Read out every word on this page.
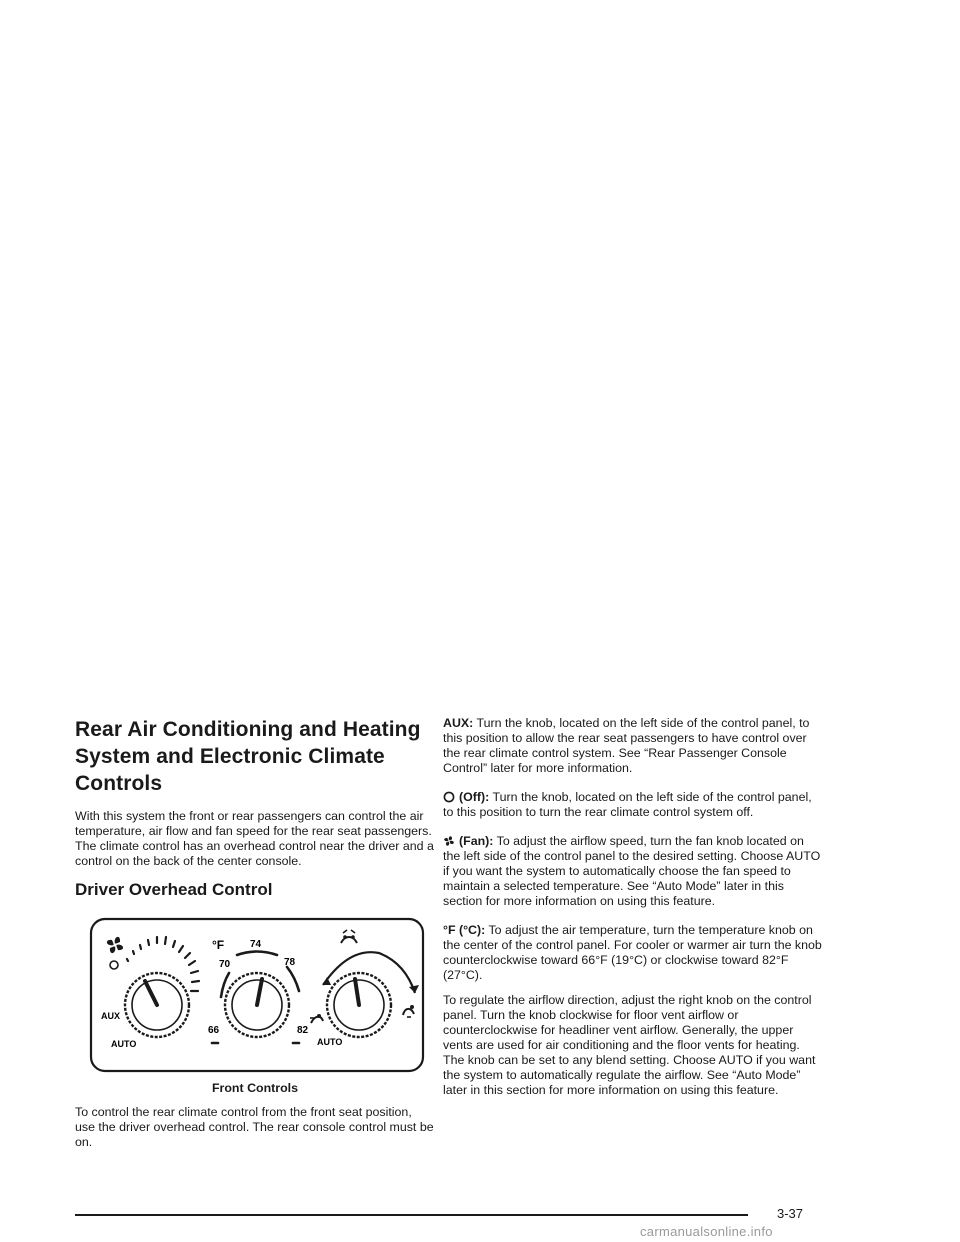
Rear Air Conditioning and Heating System and Electronic Climate Controls

With this system the front or rear passengers can control the air temperature, air flow and fan speed for the rear seat passengers. The climate control has an overhead control near the driver and a control on the back of the center console.

Driver Overhead Control
AUX
AUTO
°F
70
74
78
66	82
AUTO
Front Controls

To control the rear climate control from the front seat position, use the driver overhead control. The rear console control must be on.

AUX: Turn the knob, located on the left side of the control panel, to this position to allow the rear seat passengers to have control over the rear climate control system. See “Rear Passenger Console Control” later for more information.

(Off): Turn the knob, located on the left side of the control panel, to this position to turn the rear climate control system off.

(Fan): To adjust the airflow speed, turn the fan knob located on the left side of the control panel to the desired setting. Choose AUTO if you want the system to automatically choose the fan speed to maintain a selected temperature. See “Auto Mode” later in this section for more information on using this feature.

°F (°C): To adjust the air temperature, turn the temperature knob on the center of the control panel. For cooler or warmer air turn the knob counterclockwise toward 66°F (19°C) or clockwise toward 82°F (27°C).

To regulate the airflow direction, adjust the right knob on the control panel. Turn the knob clockwise for floor vent airflow or counterclockwise for headliner vent airflow. Generally, the upper vents are used for air conditioning and the floor vents for heating. The knob can be set to any blend setting. Choose AUTO if you want the system to automatically regulate the airflow. See “Auto Mode” later in this section for more information on using this feature.

3-37
carmanualsonline.info
